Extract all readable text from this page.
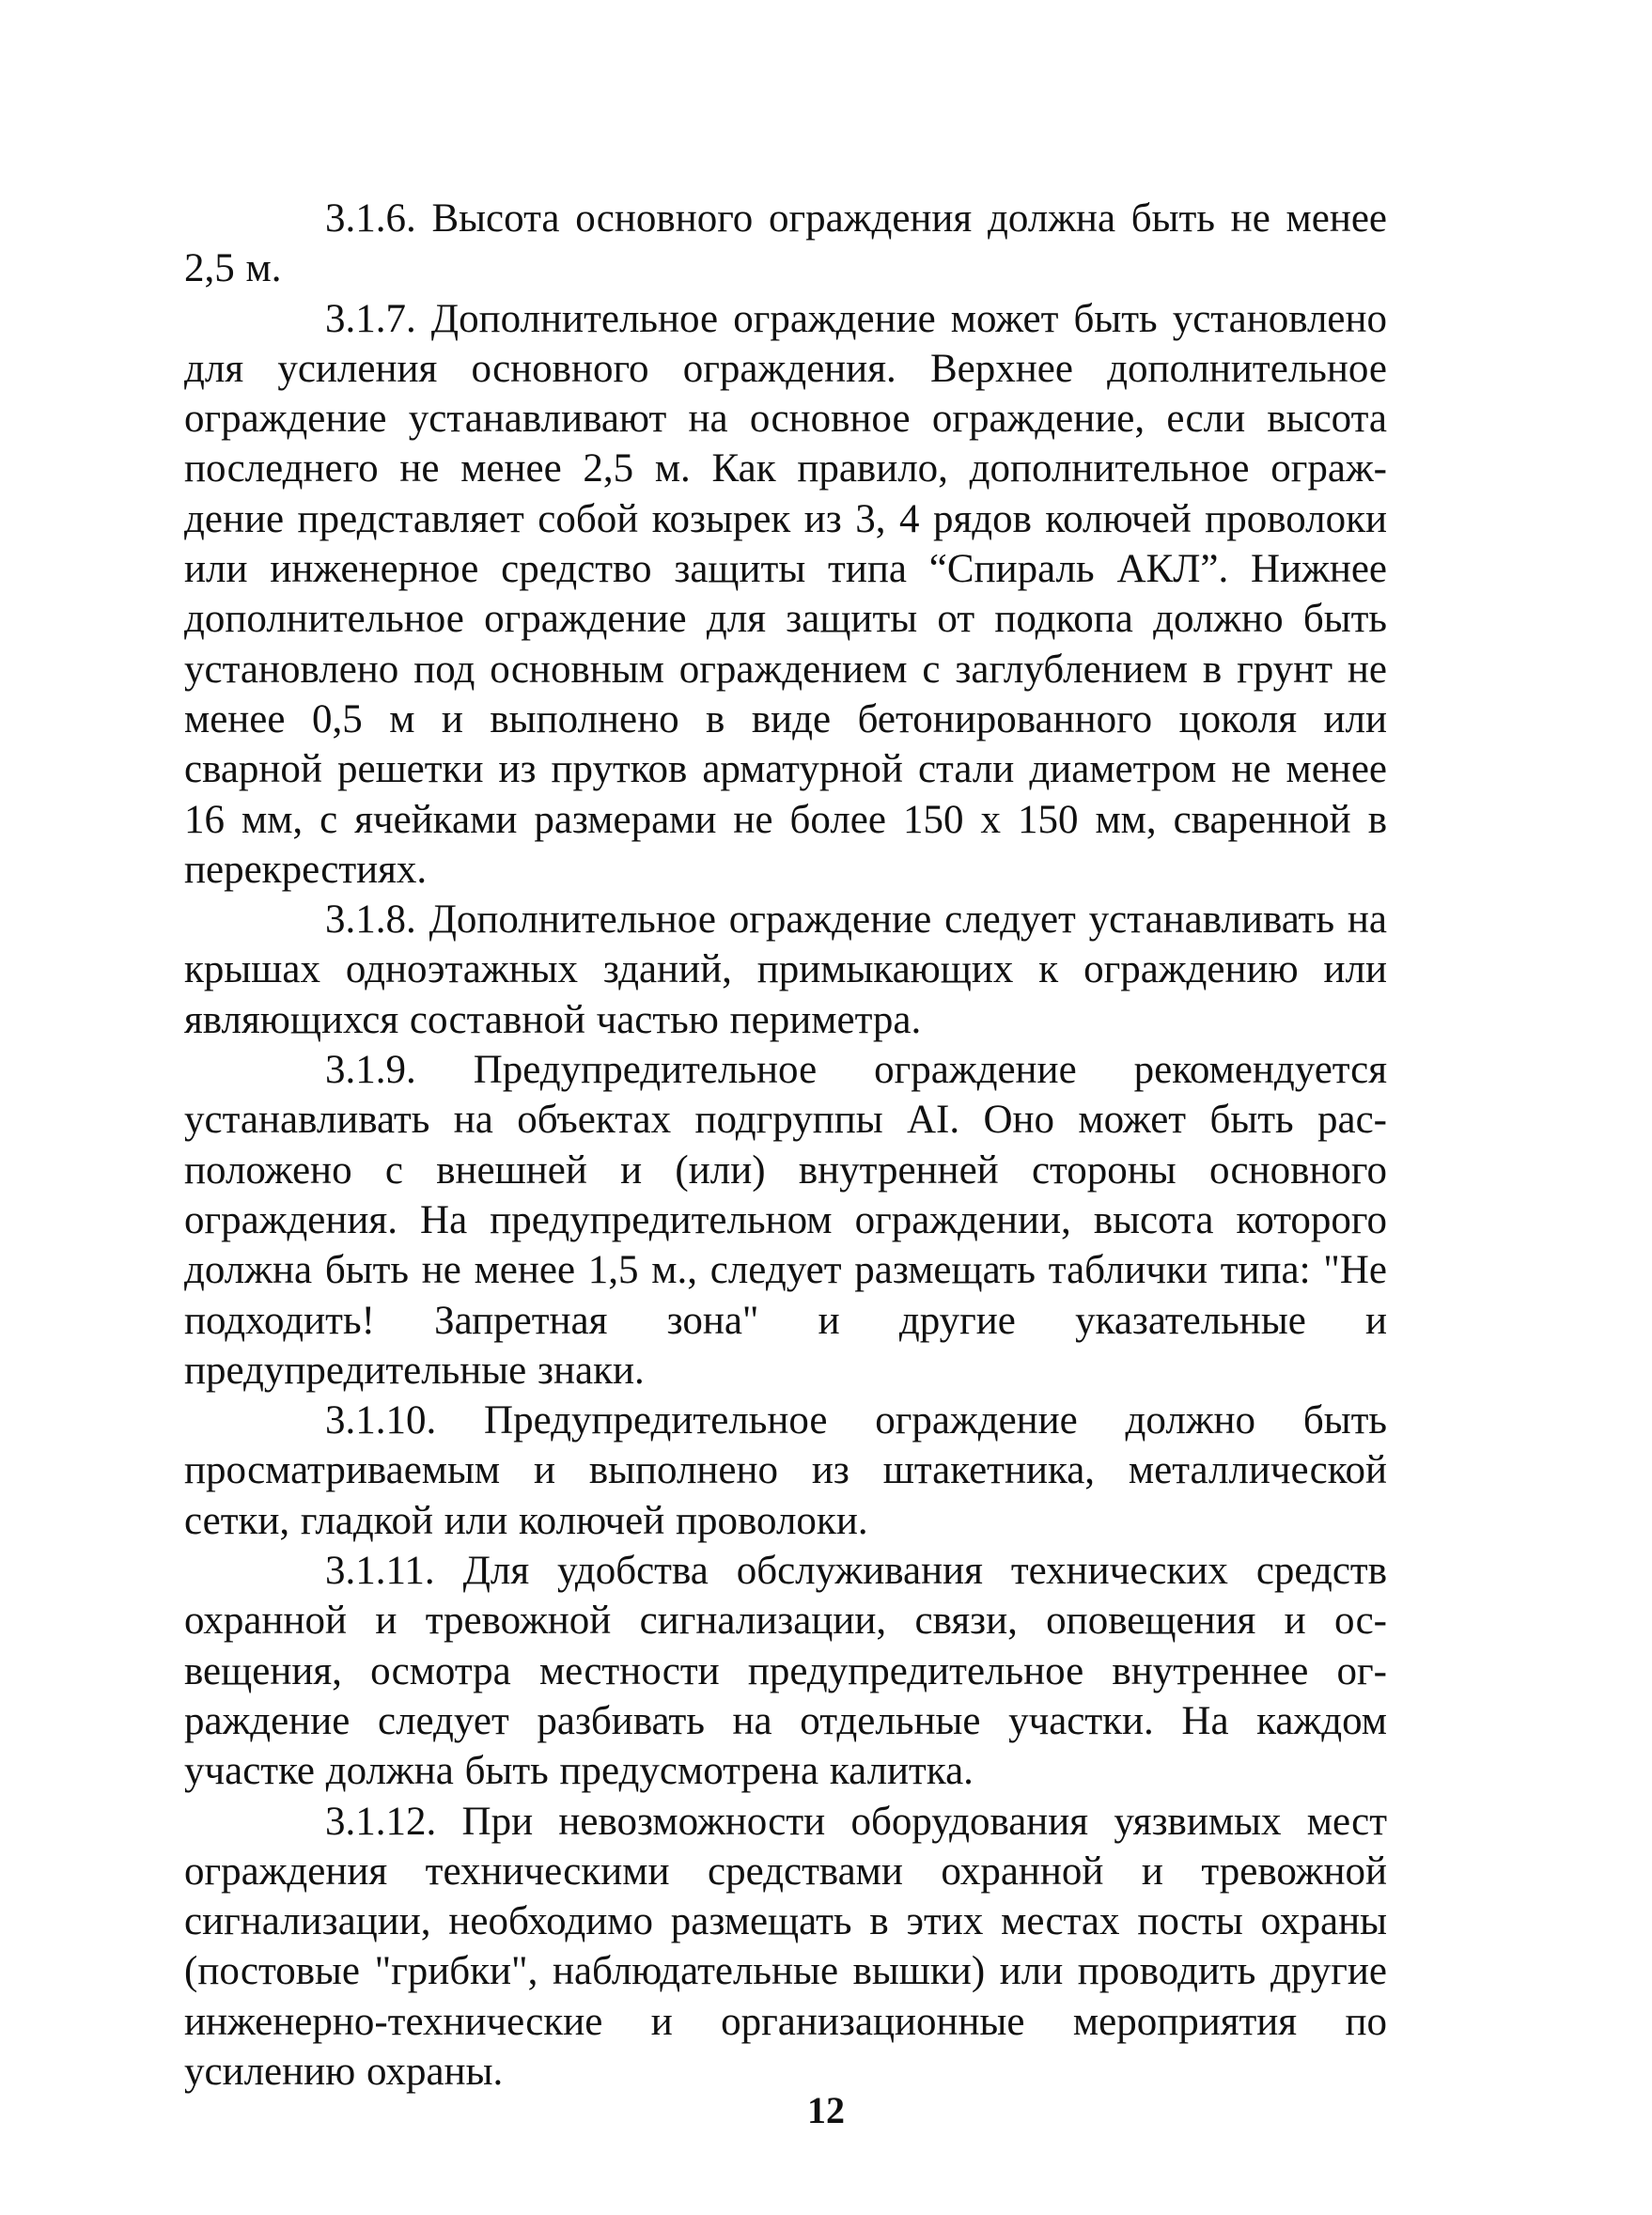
3.1.6. Высота основного ограждения должна быть не менее 2,5 м.

3.1.7. Дополнительное ограждение может быть установлено для усиления основного ограждения. Верхнее дополнительное ограждение устанавливают на основное ограждение, если высота последнего не менее 2,5 м. Как правило, дополнительное ограждение представляет собой козырек из 3, 4 рядов колючей проволоки или инженерное средство защиты типа “Спираль АКЛ”. Нижнее дополнительное ограждение для защиты от подкопа должно быть установлено под основным ограждением с заглублением в грунт не менее 0,5 м и выполнено в виде бетонированного цоколя или сварной решетки из прутков арматурной стали диаметром не менее 16 мм, с ячейками размерами не более 150 х 150 мм, сваренной в перекрестиях.

3.1.8. Дополнительное ограждение следует устанавливать на крышах одноэтажных зданий, примыкающих к ограждению или являющихся составной частью периметра.

3.1.9. Предупредительное ограждение рекомендуется устанавливать на объектах подгруппы АI. Оно может быть расположено с внешней и (или) внутренней стороны основного ограждения. На предупредительном ограждении, высота которого должна быть не менее 1,5 м., следует размещать таблички типа: "Не подходить! Запретная зона" и другие указательные и предупредительные знаки.

3.1.10. Предупредительное ограждение должно быть просматриваемым и выполнено из штакетника, металлической сетки, гладкой или колючей проволоки.

3.1.11. Для удобства обслуживания технических средств охранной и тревожной сигнализации, связи, оповещения и освещения, осмотра местности предупредительное внутреннее ограждение следует разбивать на отдельные участки. На каждом участке должна быть предусмотрена калитка.

3.1.12. При невозможности оборудования уязвимых мест ограждения техническими средствами охранной и тревожной сигнализации, необходимо размещать в этих местах посты охраны (постовые "грибки", наблюдательные вышки) или проводить другие инженерно-технические и организационные мероприятия по усилению охраны.

12
